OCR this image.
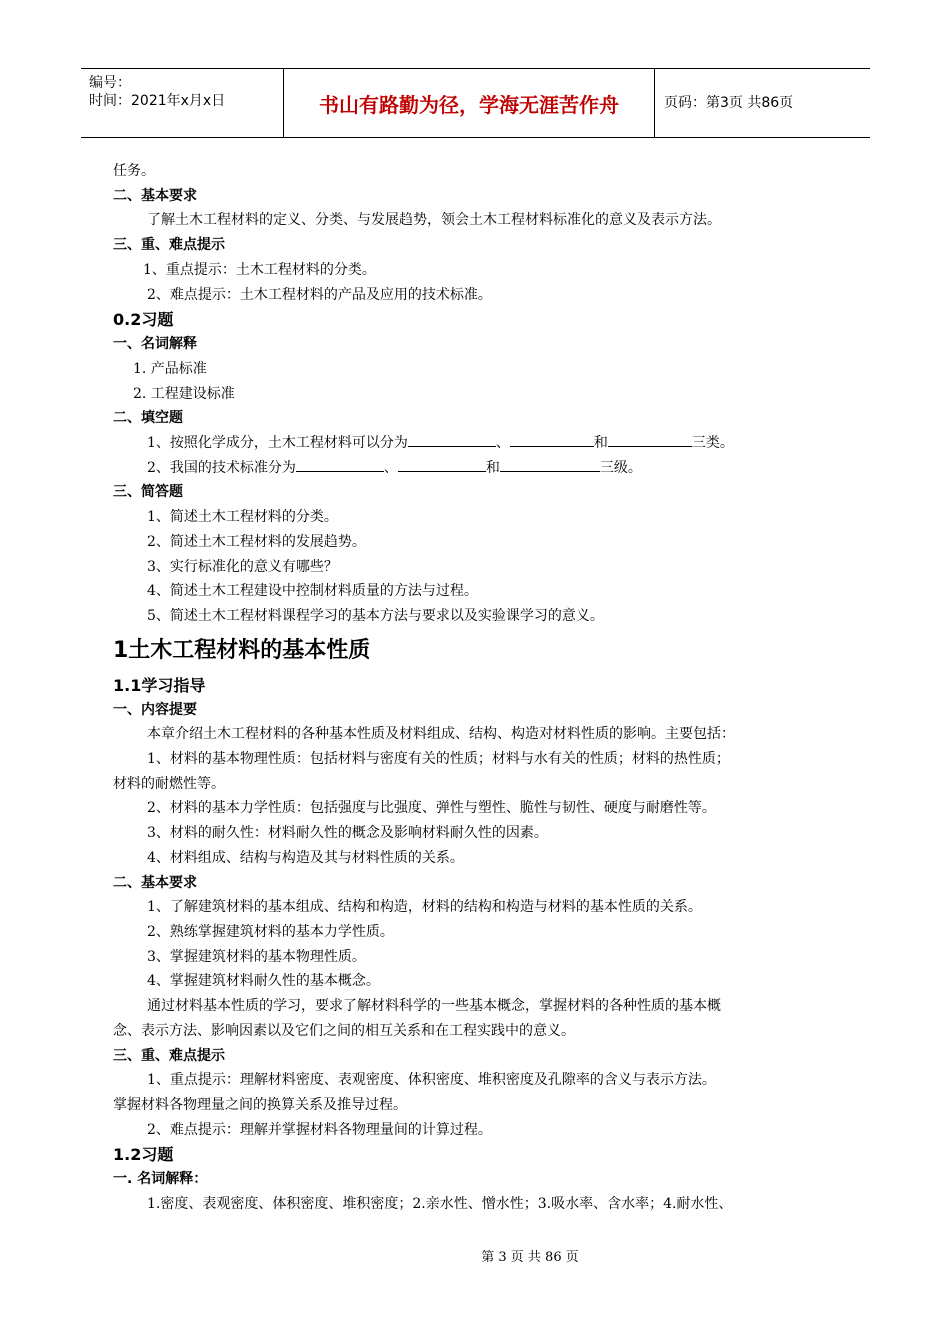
编号：
时间：2021年x月x日	书山有路勤为径，学海无涯苦作舟	页码：第3页 共86页

任务。

二、基本要求

了解土木工程材料的定义、分类、与发展趋势，领会土木工程材料标准化的意义及表示方法。

三、重、难点提示

1、重点提示：土木工程材料的分类。

2、难点提示：土木工程材料的产品及应用的技术标准。

0.2习题

一、名词解释

1. 产品标准

2. 工程建设标准

二、填空题

1、按照化学成分，土木工程材料可以分为	、	和	三类。

2、我国的技术标准分为	、	和	三级。

三、简答题

1、简述土木工程材料的分类。

2、简述土木工程材料的发展趋势。

3、实行标准化的意义有哪些？

4、简述土木工程建设中控制材料质量的方法与过程。

5、简述土木工程材料课程学习的基本方法与要求以及实验课学习的意义。

1土木工程材料的基本性质

1.1学习指导

一、内容提要

本章介绍土木工程材料的各种基本性质及材料组成、结构、构造对材料性质的影响。主要包括：

1、材料的基本物理性质：包括材料与密度有关的性质；材料与水有关的性质；材料的热性质；

材料的耐燃性等。

2、材料的基本力学性质：包括强度与比强度、弹性与塑性、脆性与韧性、硬度与耐磨性等。

3、材料的耐久性：材料耐久性的概念及影响材料耐久性的因素。

4、材料组成、结构与构造及其与材料性质的关系。

二、基本要求

1、了解建筑材料的基本组成、结构和构造，材料的结构和构造与材料的基本性质的关系。

2、熟练掌握建筑材料的基本力学性质。

3、掌握建筑材料的基本物理性质。

4、掌握建筑材料耐久性的基本概念。

通过材料基本性质的学习，要求了解材料科学的一些基本概念，掌握材料的各种性质的基本概

念、表示方法、影响因素以及它们之间的相互关系和在工程实践中的意义。

三、重、难点提示

1、重点提示：理解材料密度、表观密度、体积密度、堆积密度及孔隙率的含义与表示方法。

掌握材料各物理量之间的换算关系及推导过程。

2、难点提示：理解并掌握材料各物理量间的计算过程。

1.2习题

一. 名词解释：

1.密度、表观密度、体积密度、堆积密度；2.亲水性、憎水性；3.吸水率、含水率；4.耐水性、

第 3 页 共 86 页
